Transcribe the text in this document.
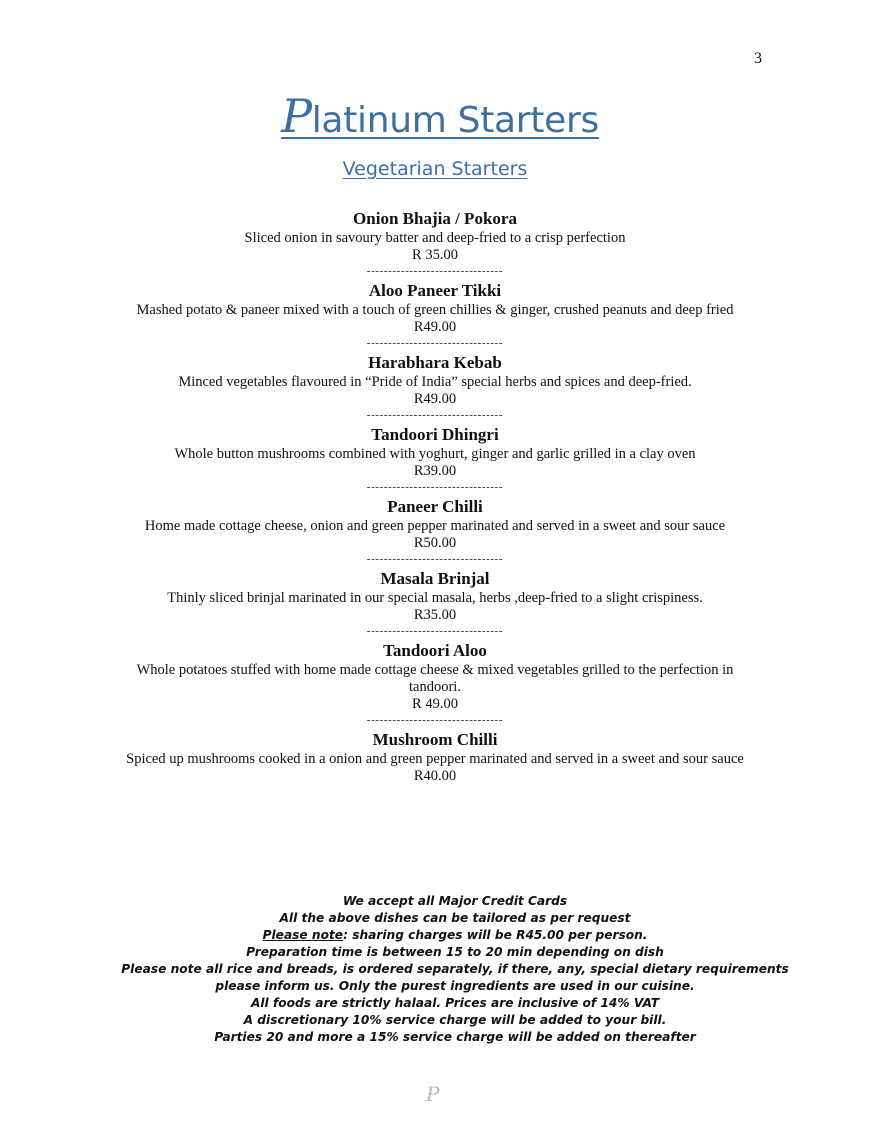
3
Platinum Starters
Vegetarian Starters
Onion Bhajia / Pokora
Sliced onion in savoury batter and deep-fried to a crisp perfection
R 35.00
--------------------------------
Aloo Paneer Tikki
Mashed potato & paneer mixed with a touch of green chillies & ginger, crushed peanuts and deep fried
R49.00
--------------------------------
Harabhara Kebab
Minced vegetables flavoured in “Pride of India” special herbs and spices and deep-fried.
R49.00
--------------------------------
Tandoori Dhingri
Whole button mushrooms combined with yoghurt, ginger and garlic grilled in a clay oven
R39.00
--------------------------------
Paneer Chilli
Home made cottage cheese, onion and green pepper marinated and served in a sweet and sour sauce
R50.00
--------------------------------
Masala Brinjal
Thinly sliced brinjal marinated in our special masala, herbs ,deep-fried to a slight crispiness.
R35.00
--------------------------------
Tandoori Aloo
Whole potatoes stuffed with home made cottage cheese & mixed vegetables grilled to the perfection in tandoori.
R 49.00
--------------------------------
Mushroom Chilli
Spiced up mushrooms cooked in a onion and green pepper marinated and served in a sweet and sour sauce
R40.00
We accept all Major Credit Cards
All the above dishes can be tailored as per request
Please note: sharing charges will be R45.00 per person.
Preparation time is between 15 to 20 min depending on dish
Please note all rice and breads, is ordered separately, if there, any, special dietary requirements
please inform us. Only the purest ingredients are used in our cuisine.
All foods are strictly halaal. Prices are inclusive of 14% VAT
A discretionary 10% service charge will be added to your bill.
Parties 20 and more a 15% service charge will be added on thereafter
P
